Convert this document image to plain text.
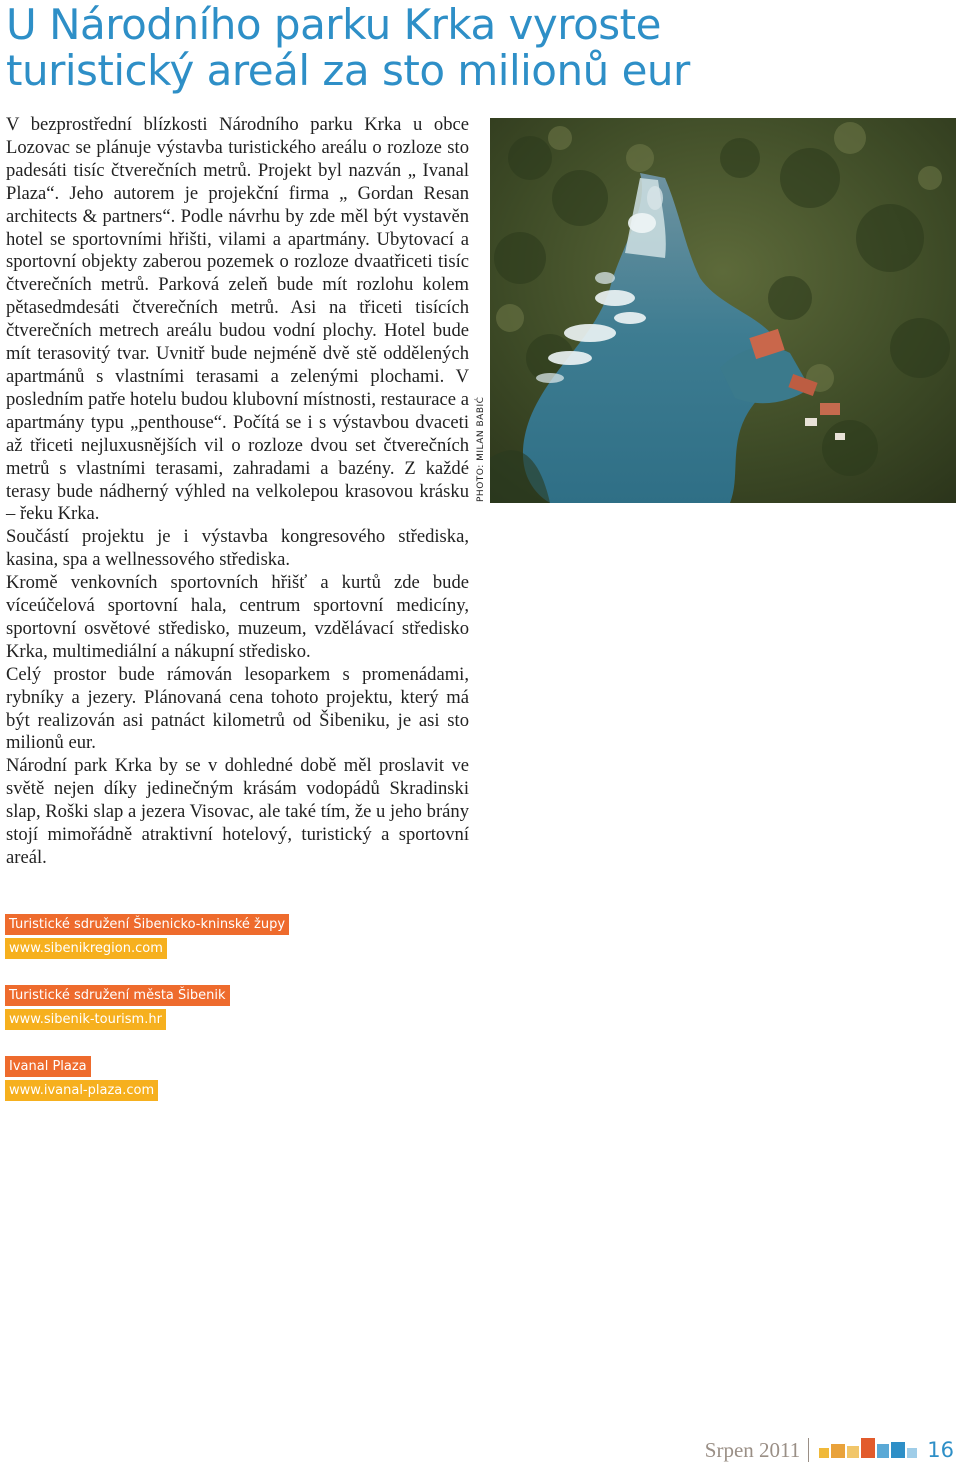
U Národního parku Krka vyroste
turistický areál za sto milionů eur

V bezprostřední blízkosti Národního parku Krka u obce Lozovac se plánuje výstavba turistického areálu o rozloze sto padesáti tisíc čtverečních metrů. Projekt byl nazván „ Ivanal Plaza“. Jeho autorem je projekční firma „ Gordan Resan architects & partners“. Podle návrhu by zde měl být vystavěn hotel se sportovními hřišti, vilami a apartmány. Ubytovací a sportovní objekty zaberou pozemek o rozloze dvaatřiceti tisíc čtverečních metrů. Parková zeleň bude mít rozlohu kolem pětasedmdesáti čtverečních metrů. Asi na třiceti tisících čtverečních metrech areálu budou vodní plochy. Hotel bude mít terasovitý tvar. Uvnitř bude nejméně dvě stě oddělených apartmánů s vlastními terasami a zelenými plochami. V posledním patře hotelu budou klubovní místnosti, restaurace a apartmány typu „penthouse“. Počítá se i s výstavbou dvaceti až třiceti nejluxusnějších vil o rozloze dvou set čtverečních metrů s vlastními terasami, zahradami a bazény. Z každé terasy bude nádherný výhled na velkolepou krasovou krásku – řeku Krka.

Součástí projektu je i výstavba kongresového střediska, kasina, spa a wellnessového střediska.

Kromě venkovních sportovních hřišť a kurtů zde bude víceúčelová sportovní hala, centrum sportovní medicíny, sportovní osvětové středisko, muzeum, vzdělávací středisko Krka, multimediální a nákupní středisko.

Celý prostor bude rámován lesoparkem s promenádami, rybníky a jezery. Plánovaná cena tohoto projektu, který má být realizován asi patnáct kilometrů od Šibeniku, je asi sto milionů eur.

Národní park Krka by se v dohledné době měl proslavit ve světě nejen díky jedinečným krásám vodopádů Skradinski slap, Roški slap a jezera Visovac, ale také tím, že u jeho brány stojí mimořádně atraktivní hotelový, turistický a sportovní areál.

PHOTO: MILAN BABIĆ
Turistické sdružení Šibenicko-kninské župy
www.sibenikregion.com
Turistické sdružení města Šibenik
www.sibenik-tourism.hr
Ivanal Plaza
www.ivanal-plaza.com
Srpen 2011	16
